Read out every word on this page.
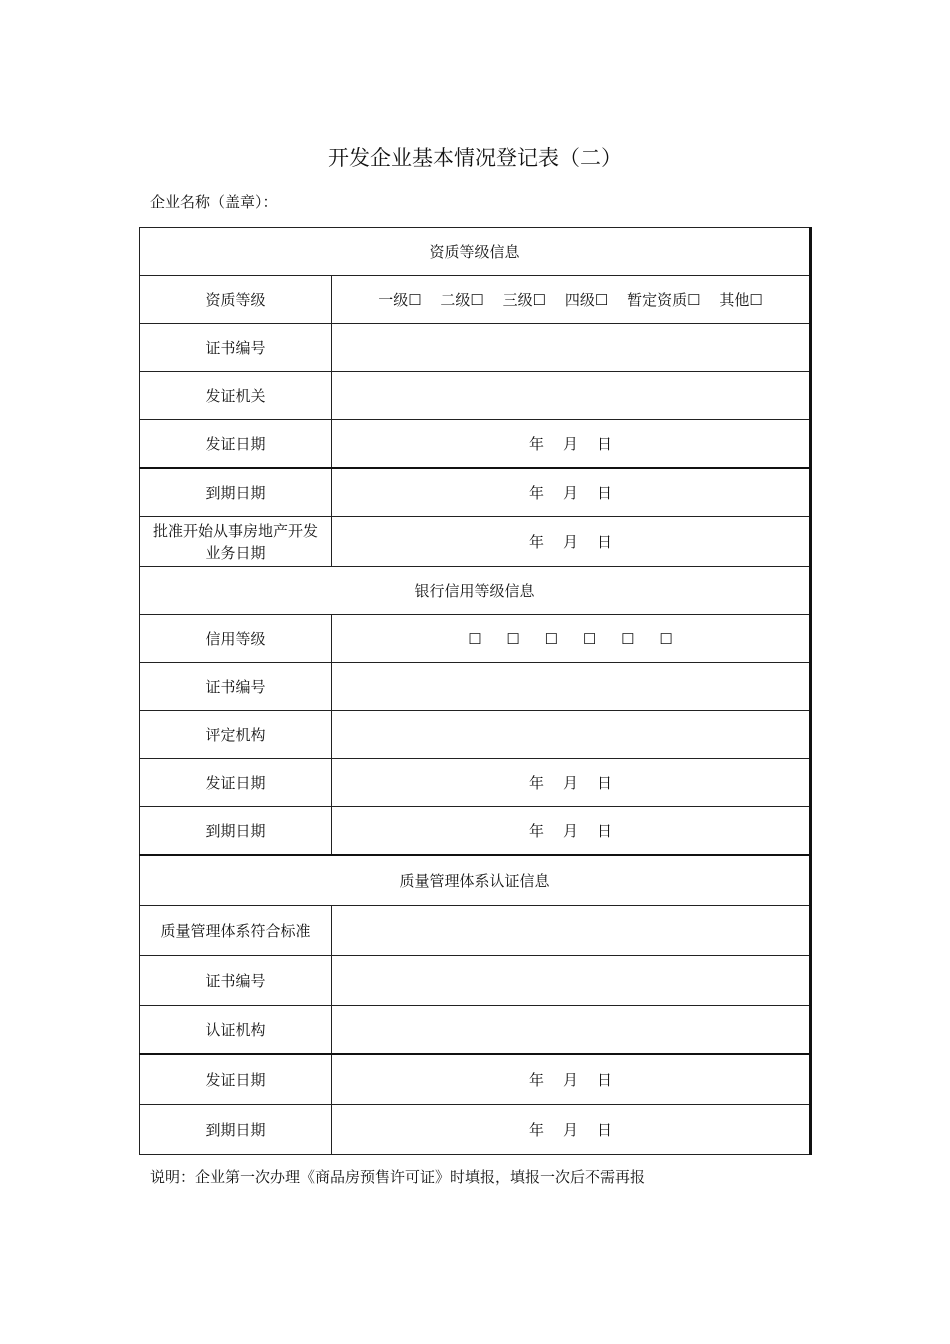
开发企业基本情况登记表（二）
企业名称（盖章）：
资质等级信息	
资质等级	一级☐ 二级☐ 三级☐ 四级☐ 暂定资质☐ 其他☐
证书编号	
发证机关	
发证日期	年 月 日
到期日期	年 月 日
批准开始从事房地产开发业务日期	年 月 日
银行信用等级信息	
信用等级	☐ ☐ ☐ ☐ ☐ ☐
证书编号	
评定机构	
发证日期	年 月 日
到期日期	年 月 日
质量管理体系认证信息	
质量管理体系符合标准	
证书编号	
认证机构	
发证日期	年 月 日
到期日期	年 月 日
说明：企业第一次办理《商品房预售许可证》时填报，填报一次后不需再报
